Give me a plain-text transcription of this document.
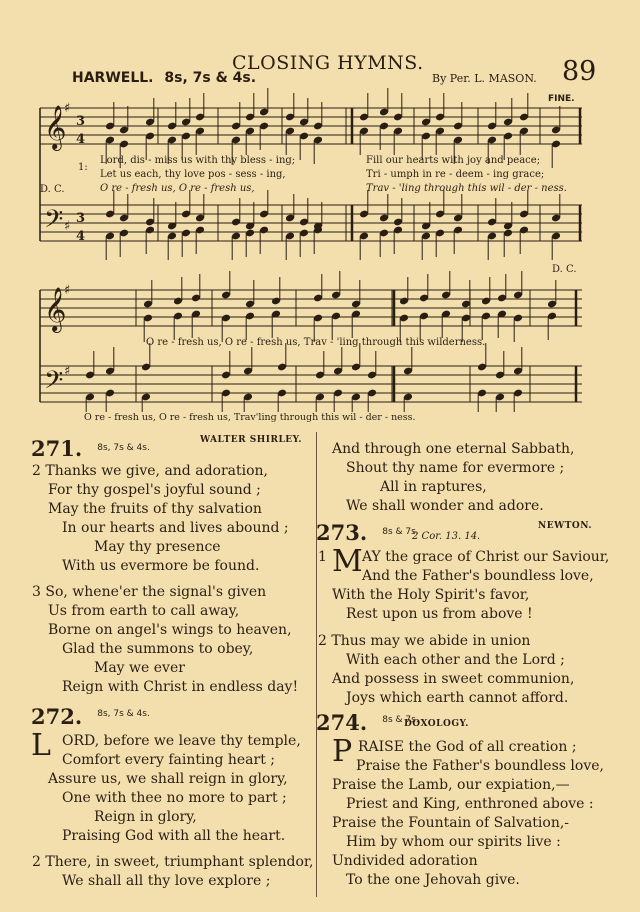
CLOSING HYMNS.	89
HARWELL. 8s, 7s & 4s.	By Per. L. MASON.
𝄞
𝄢
𝄞
𝄢
♯
♯
♯
♯
3
4
3
4
FINE.
D. C.
D. C.
1:
Lord, dis - miss us with thy bless - ing;	Fill our hearts with joy and peace;
Let us each, thy love pos - sess - ing,	Tri - umph in re - deem - ing grace;
O re - fresh us, O re - fresh us,	Trav - 'ling through this wil - der - ness.
O re - fresh us, O re - fresh us, Trav - 'ling through this wilderness.
O re - fresh us, O re - fresh us, Trav'ling through this wil - der - ness.
271. $^{8s, 7s \& 4s.}$
WALTER SHIRLEY.
2 Thanks we give, and adoration,
For thy gospel's joyful sound ;
May the fruits of thy salvation
In our hearts and lives abound ;
May thy presence
With us evermore be found.
3 So, whene'er the signal's given
Us from earth to call away,
Borne on angel's wings to heaven,
Glad the summons to obey,
May we ever
Reign with Christ in endless day!
272. $^{8s, 7s \& 4s.}$
L ORD, before we leave thy temple,
Comfort every fainting heart ;
Assure us, we shall reign in glory,
One with thee no more to part ;
Reign in glory,
Praising God with all the heart.
2 There, in sweet, triumphant splendor,
We shall all thy love explore ;
And through one eternal Sabbath,
Shout thy name for evermore ;
All in raptures,
We shall wonder and adore.
273. $^{8s \& 7s.}$
2 Cor. 13. 14.
NEWTON.
1 M AY the grace of Christ our Saviour,
And the Father's boundless love,
With the Holy Spirit's favor,
Rest upon us from above !
2 Thus may we abide in union
With each other and the Lord ;
And possess in sweet communion,
Joys which earth cannot afford.
274. $^{8s \& 7s.}$
DOXOLOGY.
P RAISE the God of all creation ;
Praise the Father's boundless love,
Praise the Lamb, our expiation,—
Priest and King, enthroned above :
Praise the Fountain of Salvation,-
Him by whom our spirits live :
Undivided adoration
To the one Jehovah give.
